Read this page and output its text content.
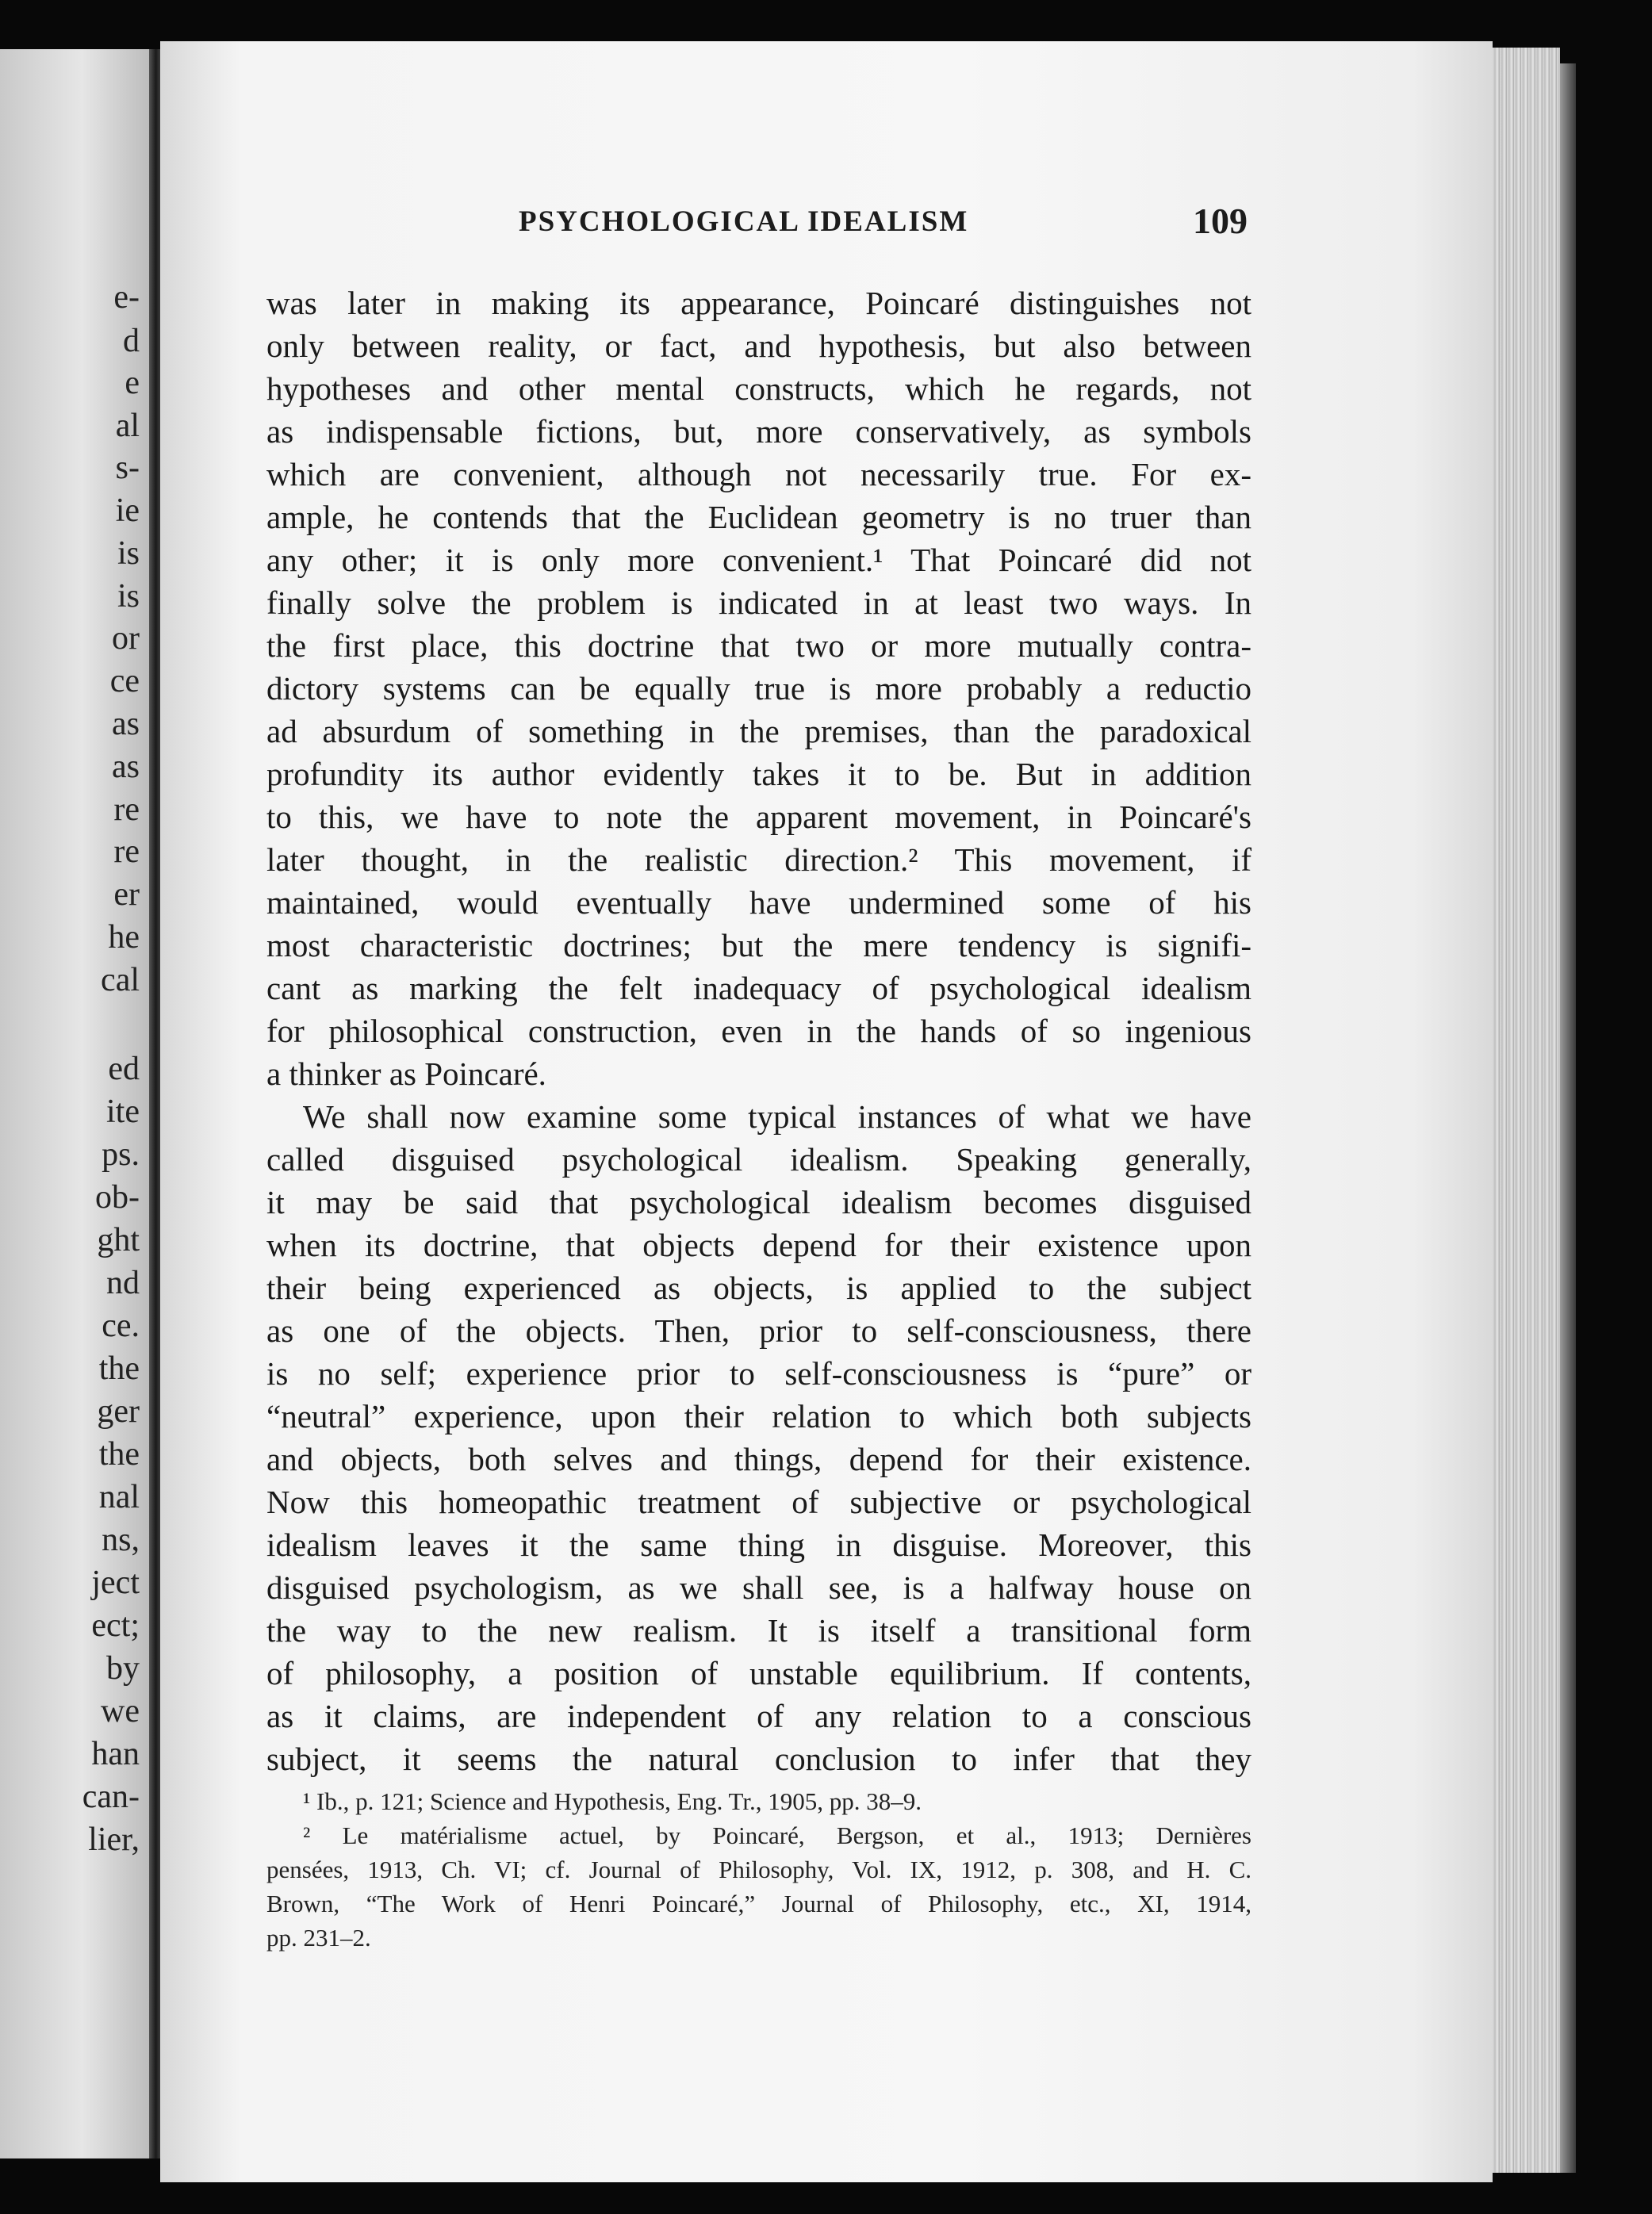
e-
d
e
al
s-
ie
is
is
or
ce
as
as
re
re
er
he
cal
ed
ite
ps.
ob-
ght
nd
ce.
the
ger
the
nal
ns,
ject
ect;
by
we
han
can-
lier,
PSYCHOLOGICAL IDEALISM	109
was later in making its appearance, Poincaré distinguishes not
only between reality, or fact, and hypothesis, but also between
hypotheses and other mental constructs, which he regards, not
as indispensable fictions, but, more conservatively, as symbols
which are convenient, although not necessarily true. For ex-
ample, he contends that the Euclidean geometry is no truer than
any other; it is only more convenient.¹ That Poincaré did not
finally solve the problem is indicated in at least two ways. In
the first place, this doctrine that two or more mutually contra-
dictory systems can be equally true is more probably a reductio
ad absurdum of something in the premises, than the paradoxical
profundity its author evidently takes it to be. But in addition
to this, we have to note the apparent movement, in Poincaré's
later thought, in the realistic direction.² This movement, if
maintained, would eventually have undermined some of his
most characteristic doctrines; but the mere tendency is signifi-
cant as marking the felt inadequacy of psychological idealism
for philosophical construction, even in the hands of so ingenious
a thinker as Poincaré.
We shall now examine some typical instances of what we have
called disguised psychological idealism. Speaking generally,
it may be said that psychological idealism becomes disguised
when its doctrine, that objects depend for their existence upon
their being experienced as objects, is applied to the subject
as one of the objects. Then, prior to self-consciousness, there
is no self; experience prior to self-consciousness is “pure” or
“neutral” experience, upon their relation to which both subjects
and objects, both selves and things, depend for their existence.
Now this homeopathic treatment of subjective or psychological
idealism leaves it the same thing in disguise. Moreover, this
disguised psychologism, as we shall see, is a halfway house on
the way to the new realism. It is itself a transitional form
of philosophy, a position of unstable equilibrium. If contents,
as it claims, are independent of any relation to a conscious
subject, it seems the natural conclusion to infer that they
¹ Ib., p. 121; Science and Hypothesis, Eng. Tr., 1905, pp. 38–9.
² Le matérialisme actuel, by Poincaré, Bergson, et al., 1913; Dernières
pensées, 1913, Ch. VI; cf. Journal of Philosophy, Vol. IX, 1912, p. 308, and H. C.
Brown, “The Work of Henri Poincaré,” Journal of Philosophy, etc., XI, 1914,
pp. 231–2.
